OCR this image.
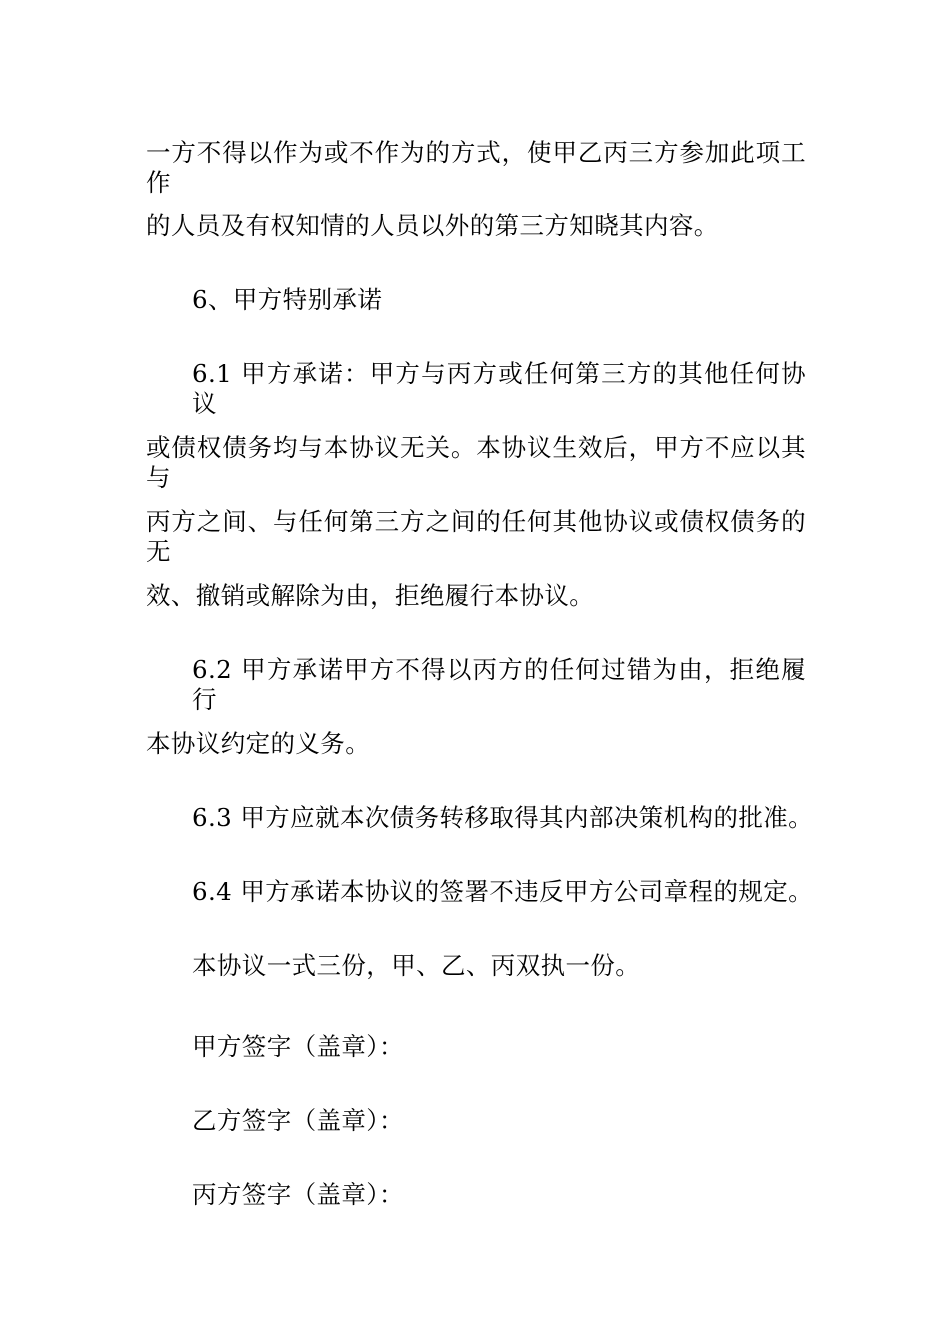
一方不得以作为或不作为的方式，使甲乙丙三方参加此项工作
的人员及有权知情的人员以外的第三方知晓其内容。
6、甲方特别承诺
6.1 甲方承诺：甲方与丙方或任何第三方的其他任何协议
或债权债务均与本协议无关。本协议生效后，甲方不应以其与
丙方之间、与任何第三方之间的任何其他协议或债权债务的无
效、撤销或解除为由，拒绝履行本协议。
6.2 甲方承诺甲方不得以丙方的任何过错为由，拒绝履行
本协议约定的义务。
6.3 甲方应就本次债务转移取得其内部决策机构的批准。
6.4 甲方承诺本协议的签署不违反甲方公司章程的规定。
本协议一式三份，甲、乙、丙双执一份。
甲方签字（盖章）：
乙方签字（盖章）：
丙方签字（盖章）：
